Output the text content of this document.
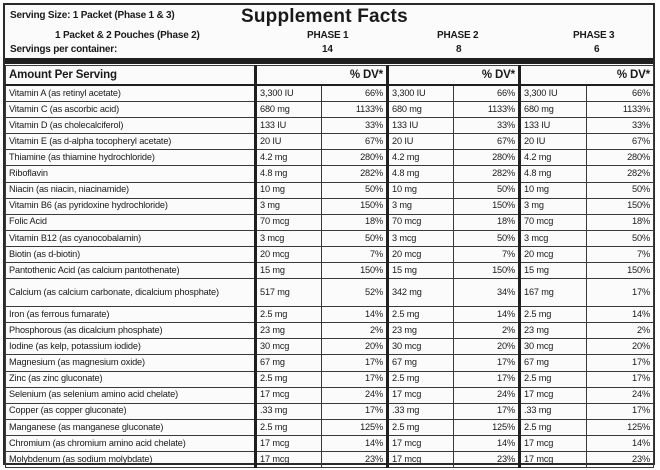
Serving Size: 1 Packet (Phase 1 & 3)	Supplement Facts
1 Packet & 2 Pouches (Phase 2)	PHASE 1	PHASE 2	PHASE 3
Servings per container:	14	8	6
Amount Per Serving		% DV*		% DV*		% DV*
Vitamin A (as retinyl acetate)	3,300 IU	66%	3,300 IU	66%	3,300 IU	66%
Vitamin C (as ascorbic acid)	680 mg	1133%	680 mg	1133%	680 mg	1133%
Vitamin D (as cholecalciferol)	133 IU	33%	133 IU	33%	133 IU	33%
Vitamin E (as d-alpha tocopheryl acetate)	20 IU	67%	20 IU	67%	20 IU	67%
Thiamine (as thiamine hydrochloride)	4.2 mg	280%	4.2 mg	280%	4.2 mg	280%
Riboflavin	4.8 mg	282%	4.8 mg	282%	4.8 mg	282%
Niacin (as niacin, niacinamide)	10 mg	50%	10 mg	50%	10 mg	50%
Vitamin B6 (as pyridoxine hydrochloride)	3 mg	150%	3 mg	150%	3 mg	150%
Folic Acid	70 mcg	18%	70 mcg	18%	70 mcg	18%
Vitamin B12 (as cyanocobalamin)	3 mcg	50%	3 mcg	50%	3 mcg	50%
Biotin (as d-biotin)	20 mcg	7%	20 mcg	7%	20 mcg	7%
Pantothenic Acid (as calcium pantothenate)	15 mg	150%	15 mg	150%	15 mg	150%
Calcium (as calcium carbonate, dicalcium phosphate)	517 mg	52%	342 mg	34%	167 mg	17%
Iron (as ferrous fumarate)	2.5 mg	14%	2.5 mg	14%	2.5 mg	14%
Phosphorous (as dicalcium phosphate)	23 mg	2%	23 mg	2%	23 mg	2%
Iodine (as kelp, potassium iodide)	30 mcg	20%	30 mcg	20%	30 mcg	20%
Magnesium (as magnesium oxide)	67 mg	17%	67 mg	17%	67 mg	17%
Zinc (as zinc gluconate)	2.5 mg	17%	2.5 mg	17%	2.5 mg	17%
Selenium (as selenium amino acid chelate)	17 mcg	24%	17 mcg	24%	17 mcg	24%
Copper (as copper gluconate)	.33 mg	17%	.33 mg	17%	.33 mg	17%
Manganese (as manganese gluconate)	2.5 mg	125%	2.5 mg	125%	2.5 mg	125%
Chromium (as chromium amino acid chelate)	17 mcg	14%	17 mcg	14%	17 mcg	14%
Molybdenum (as sodium molybdate)	17 mcg	23%	17 mcg	23%	17 mcg	23%
